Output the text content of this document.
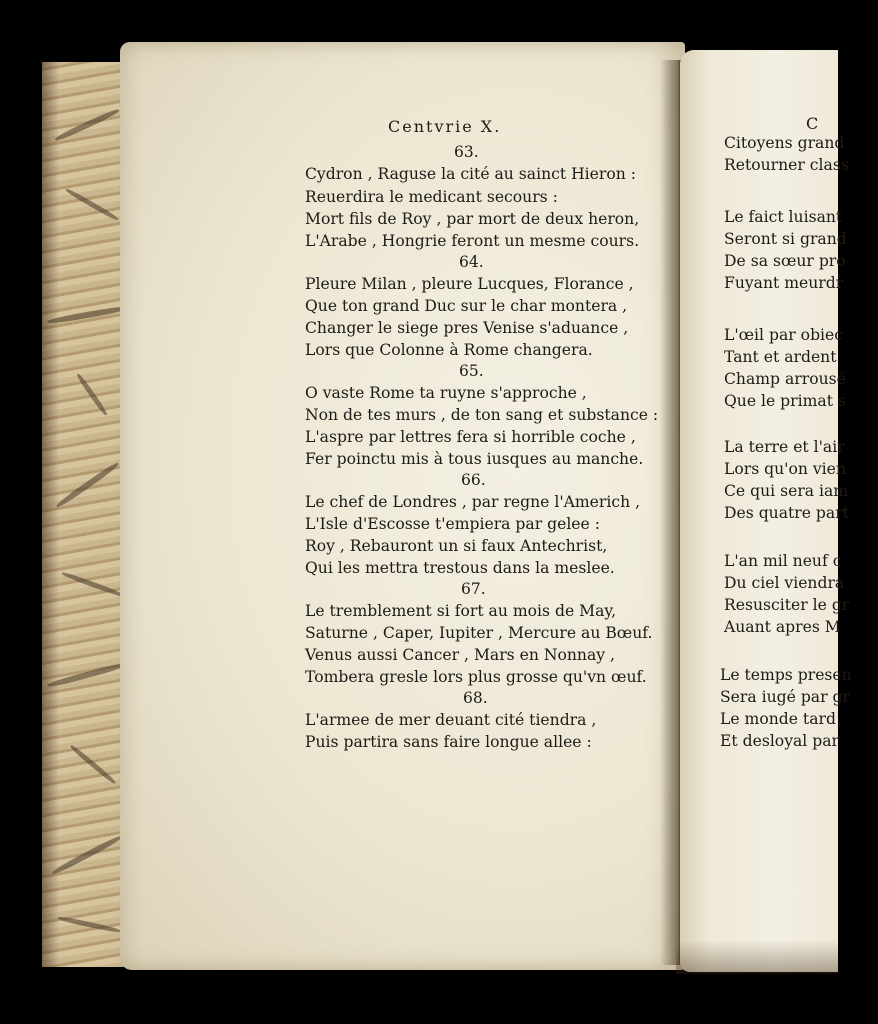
C
Citoyens grand
Retourner class
Le faict luisant
Seront si grand
De sa sœur pro
Fuyant meurdr
L'œil par obiec
Tant et ardent
Champ arrousé
Que le primat s
La terre et l'air
Lors qu'on vien
Ce qui sera iam
Des quatre part
L'an mil neuf c
Du ciel viendra
Resusciter le gr
Auant apres M
Le temps presen
Sera iugé par gr
Le monde tard
Et desloyal par
Centvrie X.
63.
Cydron , Raguse la cité au sainct Hieron :
Reuerdira le medicant secours :
Mort fils de Roy , par mort de deux heron,
L'Arabe , Hongrie feront un mesme cours.
64.
Pleure Milan , pleure Lucques, Florance ,
Que ton grand Duc sur le char montera ,
Changer le siege pres Venise s'aduance ,
Lors que Colonne à Rome changera.
65.
O vaste Rome ta ruyne s'approche ,
Non de tes murs , de ton sang et substance :
L'aspre par lettres fera si horrible coche ,
Fer poinctu mis à tous iusques au manche.
66.
Le chef de Londres , par regne l'Americh ,
L'Isle d'Escosse t'empiera par gelee :
Roy , Rebauront un si faux Antechrist,
Qui les mettra trestous dans la meslee.
67.
Le tremblement si fort au mois de May,
Saturne , Caper, Iupiter , Mercure au Bœuf.
Venus aussi Cancer , Mars en Nonnay ,
Tombera gresle lors plus grosse qu'vn œuf.
68.
L'armee de mer deuant cité tiendra ,
Puis partira sans faire longue allee :
